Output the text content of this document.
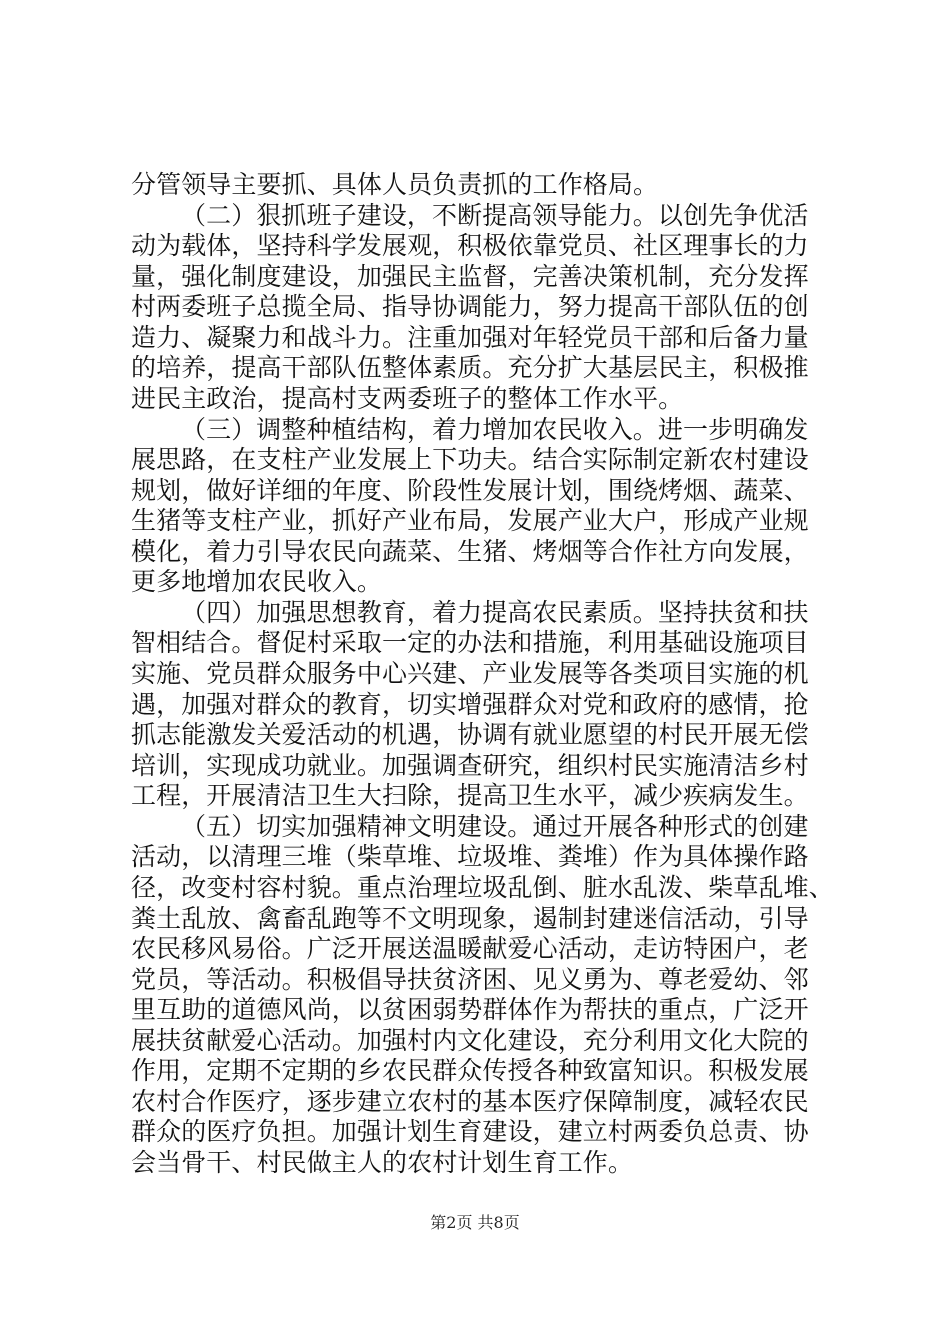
分管领导主要抓、具体人员负责抓的工作格局。
（二）狠抓班子建设，不断提高领导能力。以创先争优活
动为载体，坚持科学发展观，积极依靠党员、社区理事长的力
量，强化制度建设，加强民主监督，完善决策机制，充分发挥
村两委班子总揽全局、指导协调能力，努力提高干部队伍的创
造力、凝聚力和战斗力。注重加强对年轻党员干部和后备力量
的培养，提高干部队伍整体素质。充分扩大基层民主，积极推
进民主政治，提高村支两委班子的整体工作水平。
（三）调整种植结构，着力增加农民收入。进一步明确发
展思路，在支柱产业发展上下功夫。结合实际制定新农村建设
规划，做好详细的年度、阶段性发展计划，围绕烤烟、蔬菜、
生猪等支柱产业，抓好产业布局，发展产业大户，形成产业规
模化，着力引导农民向蔬菜、生猪、烤烟等合作社方向发展，
更多地增加农民收入。
（四）加强思想教育，着力提高农民素质。坚持扶贫和扶
智相结合。督促村采取一定的办法和措施，利用基础设施项目
实施、党员群众服务中心兴建、产业发展等各类项目实施的机
遇，加强对群众的教育，切实增强群众对党和政府的感情，抢
抓志能激发关爱活动的机遇，协调有就业愿望的村民开展无偿
培训，实现成功就业。加强调查研究，组织村民实施清洁乡村
工程，开展清洁卫生大扫除，提高卫生水平，减少疾病发生。
（五）切实加强精神文明建设。通过开展各种形式的创建
活动，以清理三堆（柴草堆、垃圾堆、粪堆）作为具体操作路
径，改变村容村貌。重点治理垃圾乱倒、脏水乱泼、柴草乱堆、
粪土乱放、禽畜乱跑等不文明现象，遏制封建迷信活动，引导
农民移风易俗。广泛开展送温暖献爱心活动，走访特困户，老
党员，等活动。积极倡导扶贫济困、见义勇为、尊老爱幼、邻
里互助的道德风尚，以贫困弱势群体作为帮扶的重点，广泛开
展扶贫献爱心活动。加强村内文化建设，充分利用文化大院的
作用，定期不定期的乡农民群众传授各种致富知识。积极发展
农村合作医疗，逐步建立农村的基本医疗保障制度，减轻农民
群众的医疗负担。加强计划生育建设，建立村两委负总责、协
会当骨干、村民做主人的农村计划生育工作。
第2页 共8页
